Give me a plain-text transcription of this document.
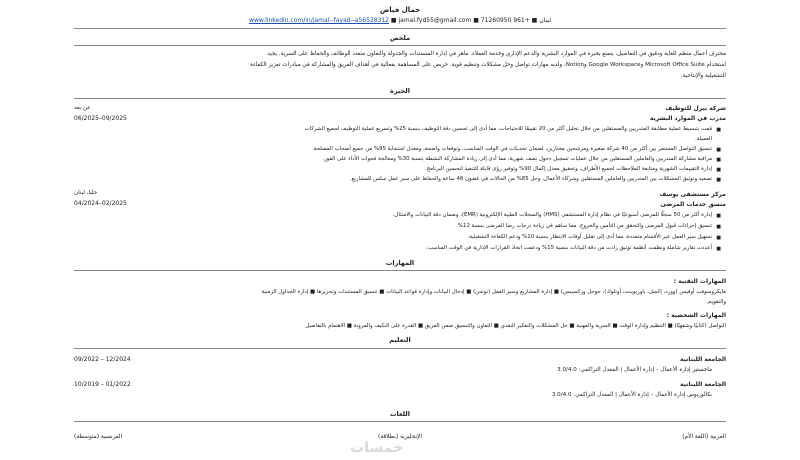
جمال فياض
لبنان ■ +961 71260950 ■ www.linkedin.com/in/jamal--fayad--a56528312 ■ jamal.fyd55@gmail.com
ملخص
محترف أعمال منظم للغاية ودقيق في التفاصيل، يتمتع بخبرة في الموارد البشرية والدعم الإداري وخدمة العملاء. ماهر في إدارة المستندات والجدولة والتعاون متعدد الوظائف والحفاظ على السرية. يجيد
استخدام Microsoft Office Suite وGoogle Workspace وNotion، ولديه مهارات تواصل وحل مشكلات وتنظيم قوية. حريص على المساهمة بفعالية في أهداف الفريق والمشاركة في مبادرات تعزيز الكفاءة
التشغيلية والإنتاجية.
الخبرة
شركة بيرل للتوظيف
عن بعد
مدرب في الموارد البشرية
06/2025–09/2025
■ قمت بتبسيط عملية مطابقة المتدربين والمستقلين من خلال تحليل أكثر من 20 تقييمًا للاحتياجات، مما أدى إلى تحسين دقة التوظيف بنسبة 25% وتسريع عملية التوظيف لجميع الشركات
العميلة.
■ تنسيق التواصل المستمر بين أكثر من 40 شركة صغيرة ومرشحين مختارين، لضمان تحديثات في الوقت المناسب، وتوقعات واضحة، ومعدل استجابة 95% من جميع أصحاب المصلحة.
■ مراقبة مشاركة المتدربين والعاملين المستقلين من خلال عمليات تسجيل دخول نصف شهرية، مما أدى إلى زيادة المشاركة النشطة بنسبة 30% ومعالجة فجوات الأداء على الفور.
■ إدارة التقييمات الشهرية ومتابعة الملاحظات لجميع الأطراف، وتحقيق معدل إكمال 90% وتوفير رؤى قابلة للتنفيذ لتحسين البرنامج.
■ تصعيد وتوثيق المشكلات بين المتدربين والعاملين المستقلين وشركاء الأعمال، وحل 85% من الحالات في غضون 48 ساعة والحفاظ على سير عمل سلس للمشاريع.
مركز مستشفى يوسف
حلبا، لبنان
منسق خدمات المرضى
04/2024–02/2025
■ إدارة أكثر من 50 سجلًا للمرضى أسبوعيًا في نظام إدارة المستشفى (HMS) والسجلات الطبية الإلكترونية (EMR)، وضمان دقة البيانات والامتثال.
■ تنسيق إجراءات قبول المرضى والتحقق من التأمين والخروج، مما ساهم في زيادة درجات رضا المرضى بنسبة 12%.
■ تسهيل سير العمل عبر الأقسام متعددة، مما أدى إلى تقليل أوقات الانتظار بنسبة 10% ودعم الكفاءة التشغيلية.
■ أعددت تقارير شاملة ونظمت أنظمة توثيق زادت من دقة البيانات بنسبة 15% ودعمت اتخاذ القرارات الإدارية في الوقت المناسب.
المهارات
المهارات التقنية :
مايكروسوفت أوفيس (وورد، إكسل، باوربوينت، أوتلوك)، جوجل وركسبيس) ■ إدارة المشاريع وسير العمل (نوشن) ■ إدخال البيانات وإدارة قواعد البيانات ■ تنسيق المستندات وتحريرها ■ إدارة الجداول الزمنية
والتقويم.
المهارات الشخصية :
التواصل (كتابيًا وشفهيًا) ■ التنظيم وإدارة الوقت ■ السرية والمهنية ■ حل المشكلات والتفكير النقدي ■ التعاون والتنسيق ضمن الفريق ■ القدرة على التكيف والمرونة ■ الاهتمام بالتفاصيل
التعليم
الجامعة اللبنانية
09/2022 – 12/2024
ماجستير إدارة الأعمال – إدارة الأعمال | المعدل التراكمي: 3.0/4.0
الجامعة اللبنانية
10/2019 – 01/2022
بكالوريوس إدارة الأعمال – إدارة الأعمال | المعدل التراكمي: 3.0/4.0
اللغات
العربية (اللغة الأم)
الإنجليزية (بطلاقة)
الفرنسية (متوسطة)
خمسات
